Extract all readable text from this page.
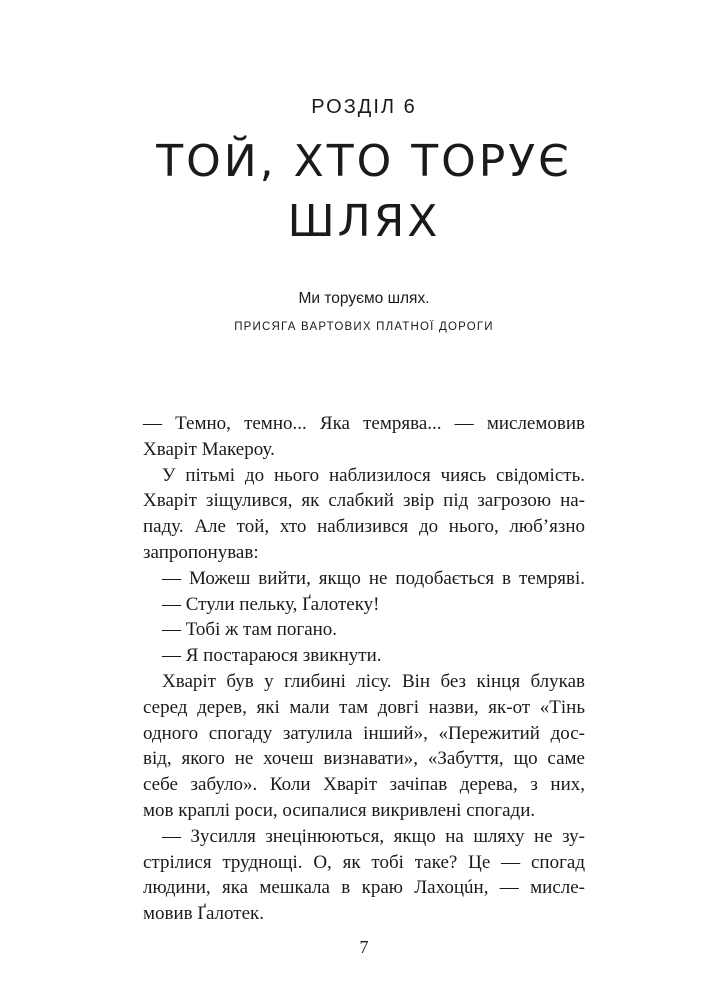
РОЗДІЛ 6
ТОЙ, ХТО ТОРУЄ
ШЛЯХ
Ми торуємо шлях.
ПРИСЯГА ВАРТОВИХ ПЛАТНОЇ ДОРОГИ
— Темно, темно... Яка темрява... — мислемовив
Хваріт Макероу.
У пітьмі до нього наблизилося чиясь свідомість.
Хваріт зіщулився, як слабкий звір під загрозою на-
паду. Але той, хто наблизився до нього, люб’язно
запропонував:
— Можеш вийти, якщо не подобається в темряві.
— Стули пельку, Ґалотеку!
— Тобі ж там погано.
— Я постараюся звикнути.
Хваріт був у глибині лісу. Він без кінця блукав
серед дерев, які мали там довгі назви, як-от «Тінь
одного спогаду затулила інший», «Пережитий дос-
від, якого не хочеш визнавати», «Забуття, що саме
себе забуло». Коли Хваріт зачіпав дерева, з них,
мов краплі роси, осипалися викривлені спогади.
— Зусилля знецінюються, якщо на шляху не зу-
стрілися труднощі. О, як тобі таке? Це — спогад
людини, яка мешкала в краю Лахоцúн, — мисле-
мовив Ґалотек.
7
